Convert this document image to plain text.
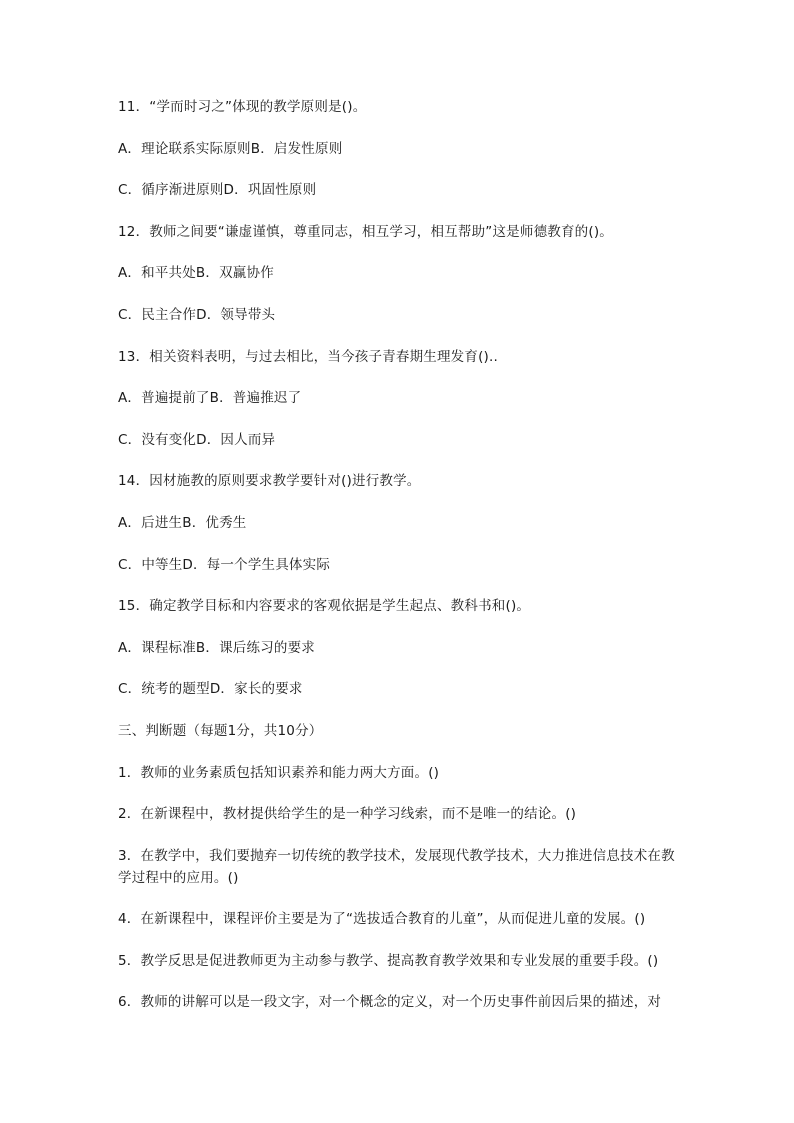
11．“学而时习之”体现的教学原则是()。

A．理论联系实际原则B．启发性原则

C．循序渐进原则D．巩固性原则

12．教师之间要“谦虚谨慎，尊重同志，相互学习，相互帮助”这是师德教育的()。

A．和平共处B．双赢协作

C．民主合作D．领导带头

13．相关资料表明，与过去相比，当今孩子青春期生理发育()..

A．普遍提前了B．普遍推迟了

C．没有变化D．因人而异

14．因材施教的原则要求教学要针对()进行教学。

A．后进生B．优秀生

C．中等生D．每一个学生具体实际

15．确定教学目标和内容要求的客观依据是学生起点、教科书和()。

A．课程标准B．课后练习的要求

C．统考的题型D．家长的要求

三、判断题（每题1分，共10分）

1．教师的业务素质包括知识素养和能力两大方面。()

2．在新课程中，教材提供给学生的是一种学习线索，而不是唯一的结论。()

3．在教学中，我们要抛弃一切传统的教学技术，发展现代教学技术，大力推进信息技术在教学过程中的应用。()

4．在新课程中，课程评价主要是为了“选拔适合教育的儿童”，从而促进儿童的发展。()

5．教学反思是促进教师更为主动参与教学、提高教育教学效果和专业发展的重要手段。()

6．教师的讲解可以是一段文字，对一个概念的定义，对一个历史事件前因后果的描述，对
